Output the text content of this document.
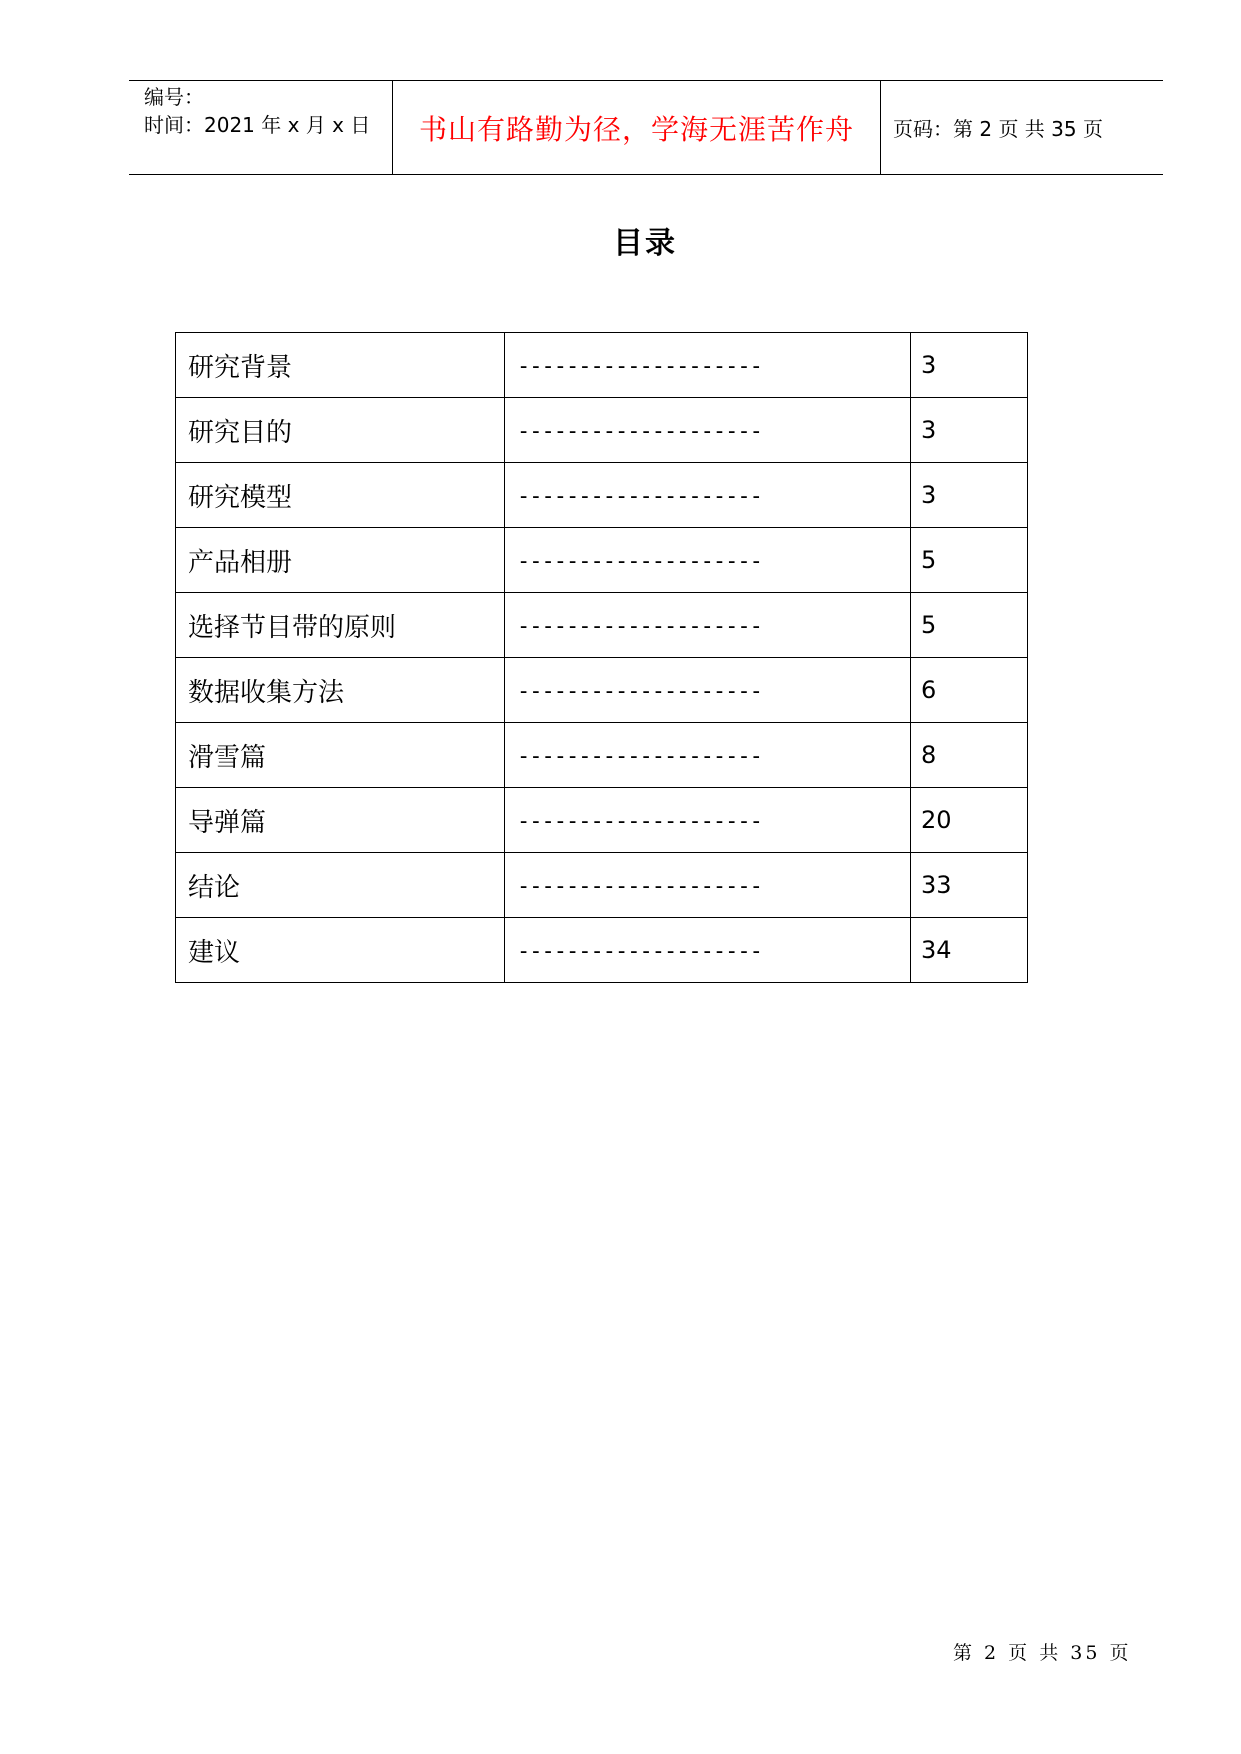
编号：
时间：2021 年 x 月 x 日 书山有路勤为径，学海无涯苦作舟 页码：第 2 页 共 35 页
目录
研究背景	--------------------	3
研究目的	--------------------	3
研究模型	--------------------	3
产品相册	--------------------	5
选择节目带的原则	--------------------	5
数据收集方法	--------------------	6
滑雪篇	--------------------	8
导弹篇	--------------------	20
结论	--------------------	33
建议	--------------------	34
第 2 页 共 35 页
